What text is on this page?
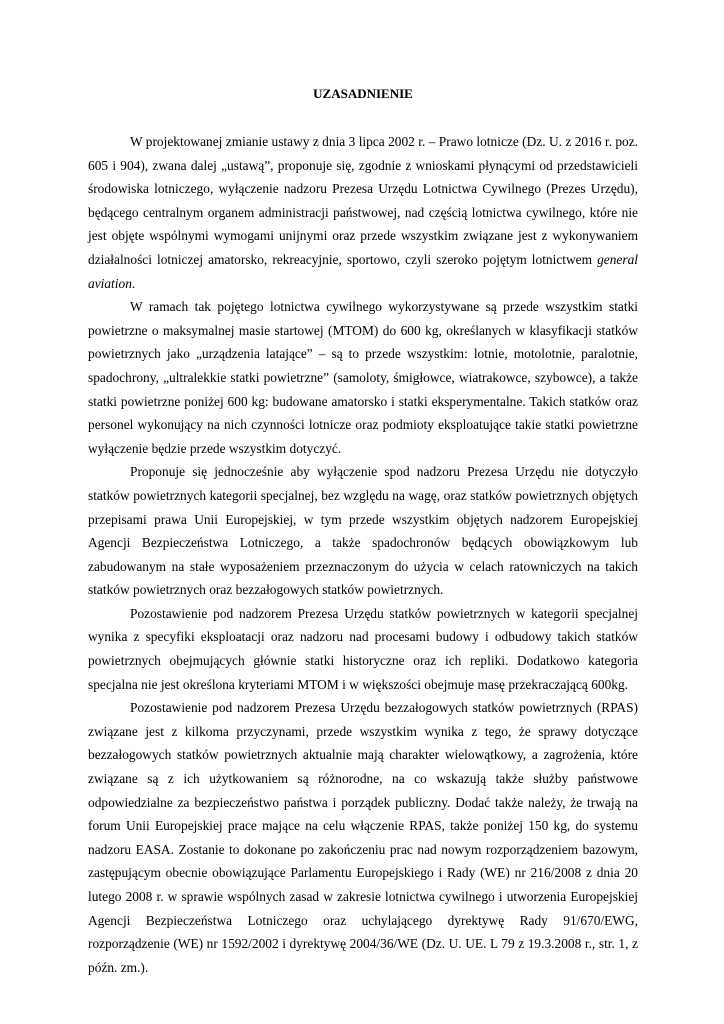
UZASADNIENIE

W projektowanej zmianie ustawy z dnia 3 lipca 2002 r. – Prawo lotnicze (Dz. U. z 2016 r. poz. 605 i 904), zwana dalej „ustawą”, proponuje się, zgodnie z wnioskami płynącymi od przedstawicieli środowiska lotniczego, wyłączenie nadzoru Prezesa Urzędu Lotnictwa Cywilnego (Prezes Urzędu), będącego centralnym organem administracji państwowej, nad częścią lotnictwa cywilnego, które nie jest objęte wspólnymi wymogami unijnymi oraz przede wszystkim związane jest z wykonywaniem działalności lotniczej amatorsko, rekreacyjnie, sportowo, czyli szeroko pojętym lotnictwem general aviation.

W ramach tak pojętego lotnictwa cywilnego wykorzystywane są przede wszystkim statki powietrzne o maksymalnej masie startowej (MTOM) do 600 kg, określanych w klasyfikacji statków powietrznych jako „urządzenia latające” – są to przede wszystkim: lotnie, motolotnie, paralotnie, spadochrony, „ultralekkie statki powietrzne” (samoloty, śmigłowce, wiatrakowce, szybowce), a także statki powietrzne poniżej 600 kg: budowane amatorsko i statki eksperymentalne. Takich statków oraz personel wykonujący na nich czynności lotnicze oraz podmioty eksploatujące takie statki powietrzne wyłączenie będzie przede wszystkim dotyczyć.

Proponuje się jednocześnie aby wyłączenie spod nadzoru Prezesa Urzędu nie dotyczyło statków powietrznych kategorii specjalnej, bez względu na wagę, oraz statków powietrznych objętych przepisami prawa Unii Europejskiej, w tym przede wszystkim objętych nadzorem Europejskiej Agencji Bezpieczeństwa Lotniczego, a także spadochronów będących obowiązkowym lub zabudowanym na stałe wyposażeniem przeznaczonym do użycia w celach ratowniczych na takich statków powietrznych oraz bezzałogowych statków powietrznych.

Pozostawienie pod nadzorem Prezesa Urzędu statków powietrznych w kategorii specjalnej wynika z specyfiki eksploatacji oraz nadzoru nad procesami budowy i odbudowy takich statków powietrznych obejmujących głównie statki historyczne oraz ich repliki. Dodatkowo kategoria specjalna nie jest określona kryteriami MTOM i w większości obejmuje masę przekraczającą 600kg.

Pozostawienie pod nadzorem Prezesa Urzędu bezzałogowych statków powietrznych (RPAS) związane jest z kilkoma przyczynami, przede wszystkim wynika z tego, że sprawy dotyczące bezzałogowych statków powietrznych aktualnie mają charakter wielowątkowy, a zagrożenia, które związane są z ich użytkowaniem są różnorodne, na co wskazują także służby państwowe odpowiedzialne za bezpieczeństwo państwa i porządek publiczny. Dodać także należy, że trwają na forum Unii Europejskiej prace mające na celu włączenie RPAS, także poniżej 150 kg, do systemu nadzoru EASA. Zostanie to dokonane po zakończeniu prac nad nowym rozporządzeniem bazowym, zastępującym obecnie obowiązujące Parlamentu Europejskiego i Rady (WE) nr 216/2008 z dnia 20 lutego 2008 r. w sprawie wspólnych zasad w zakresie lotnictwa cywilnego i utworzenia Europejskiej Agencji Bezpieczeństwa Lotniczego oraz uchylającego dyrektywę Rady 91/670/EWG, rozporządzenie (WE) nr 1592/2002 i dyrektywę 2004/36/WE (Dz. U. UE. L 79 z 19.3.2008 r., str. 1, z późn. zm.).
